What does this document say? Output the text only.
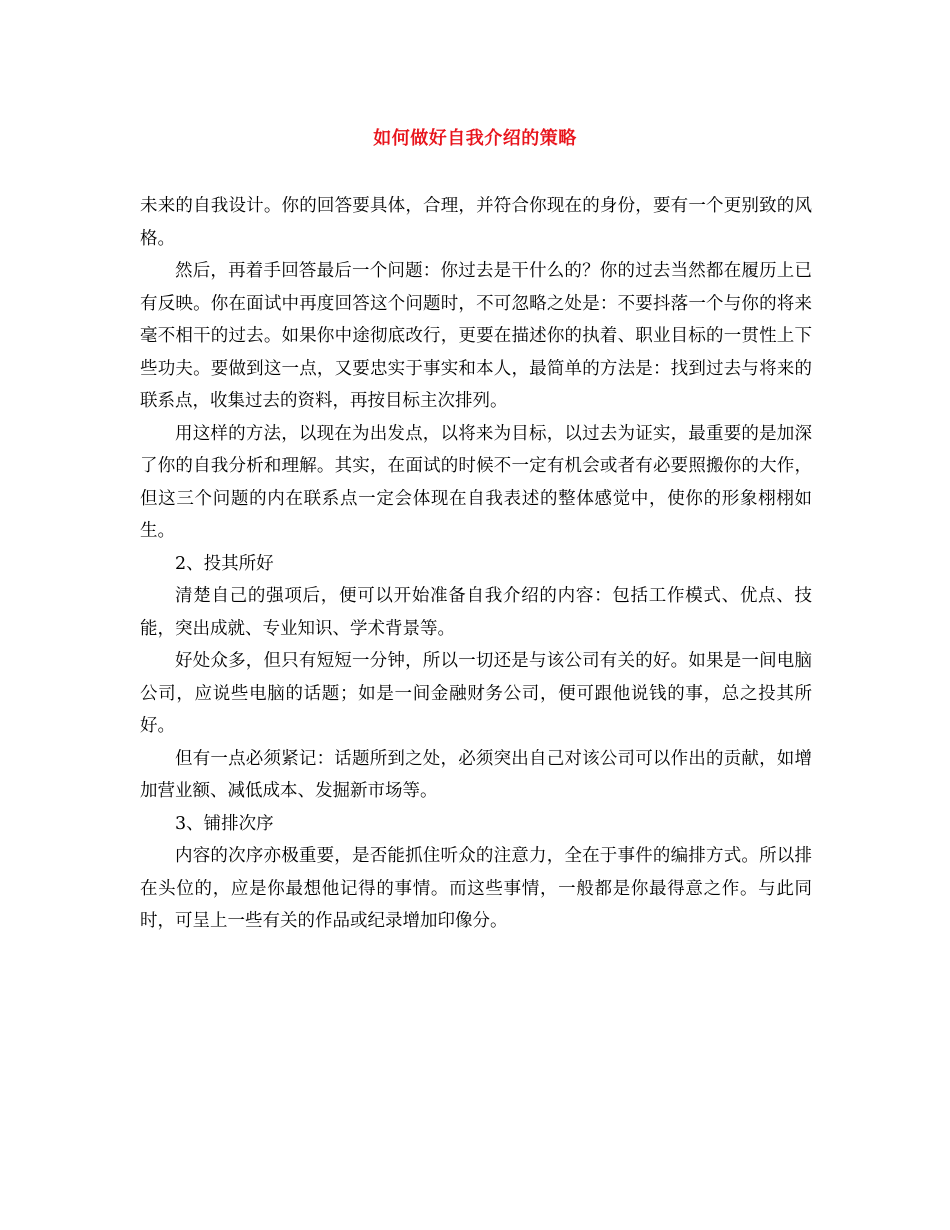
如何做好自我介绍的策略

未来的自我设计。你的回答要具体，合理，并符合你现在的身份，要有一个更别致的风格。

然后，再着手回答最后一个问题：你过去是干什么的？你的过去当然都在履历上已有反映。你在面试中再度回答这个问题时，不可忽略之处是：不要抖落一个与你的将来毫不相干的过去。如果你中途彻底改行，更要在描述你的执着、职业目标的一贯性上下些功夫。要做到这一点，又要忠实于事实和本人，最简单的方法是：找到过去与将来的联系点，收集过去的资料，再按目标主次排列。

用这样的方法，以现在为出发点，以将来为目标，以过去为证实，最重要的是加深了你的自我分析和理解。其实，在面试的时候不一定有机会或者有必要照搬你的大作，但这三个问题的内在联系点一定会体现在自我表述的整体感觉中，使你的形象栩栩如生。

2、投其所好

清楚自己的强项后，便可以开始准备自我介绍的内容：包括工作模式、优点、技能，突出成就、专业知识、学术背景等。

好处众多，但只有短短一分钟，所以一切还是与该公司有关的好。如果是一间电脑公司，应说些电脑的话题；如是一间金融财务公司，便可跟他说钱的事，总之投其所好。

但有一点必须紧记：话题所到之处，必须突出自己对该公司可以作出的贡献，如增加营业额、减低成本、发掘新市场等。

3、铺排次序

内容的次序亦极重要，是否能抓住听众的注意力，全在于事件的编排方式。所以排在头位的，应是你最想他记得的事情。而这些事情，一般都是你最得意之作。与此同时，可呈上一些有关的作品或纪录增加印像分。
